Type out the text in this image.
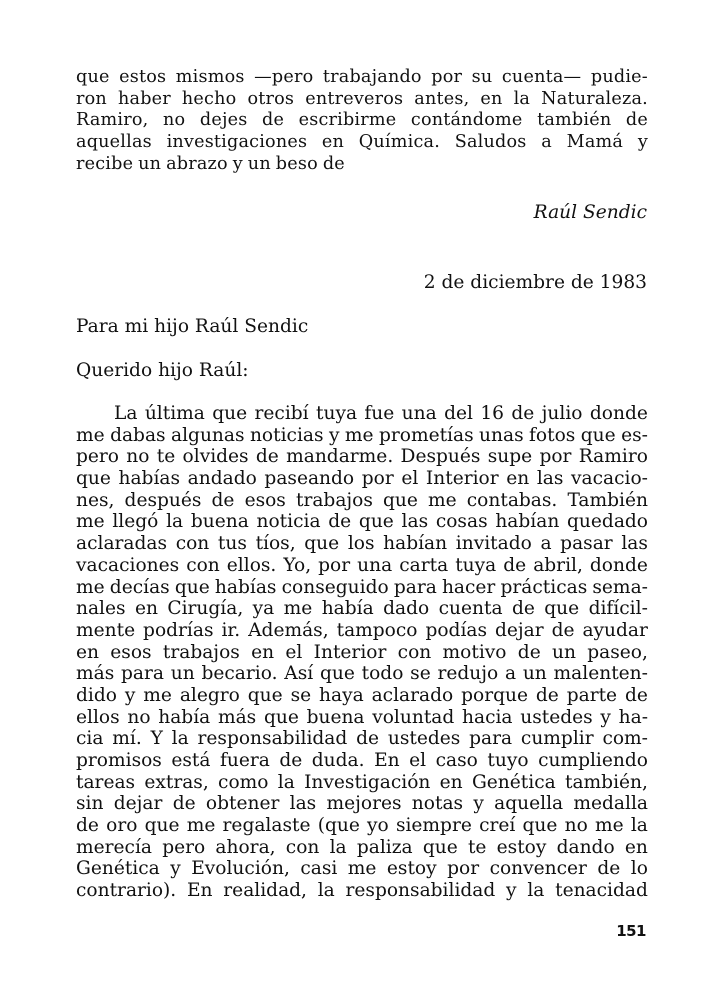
que estos mismos —pero trabajando por su cuenta— pudie-
ron haber hecho otros entreveros antes, en la Naturaleza.
Ramiro, no dejes de escribirme contándome también de
aquellas investigaciones en Química. Saludos a Mamá y
recibe un abrazo y un beso de
Raúl Sendic
2 de diciembre de 1983
Para mi hijo Raúl Sendic
Querido hijo Raúl:
La última que recibí tuya fue una del 16 de julio donde
me dabas algunas noticias y me prometías unas fotos que es-
pero no te olvides de mandarme. Después supe por Ramiro
que habías andado paseando por el Interior en las vacacio-
nes, después de esos trabajos que me contabas. También
me llegó la buena noticia de que las cosas habían quedado
aclaradas con tus tíos, que los habían invitado a pasar las
vacaciones con ellos. Yo, por una carta tuya de abril, donde
me decías que habías conseguido para hacer prácticas sema-
nales en Cirugía, ya me había dado cuenta de que difícil-
mente podrías ir. Además, tampoco podías dejar de ayudar
en esos trabajos en el Interior con motivo de un paseo,
más para un becario. Así que todo se redujo a un malenten-
dido y me alegro que se haya aclarado porque de parte de
ellos no había más que buena voluntad hacia ustedes y ha-
cia mí. Y la responsabilidad de ustedes para cumplir com-
promisos está fuera de duda. En el caso tuyo cumpliendo
tareas extras, como la Investigación en Genética también,
sin dejar de obtener las mejores notas y aquella medalla
de oro que me regalaste (que yo siempre creí que no me la
merecía pero ahora, con la paliza que te estoy dando en
Genética y Evolución, casi me estoy por convencer de lo
contrario). En realidad, la responsabilidad y la tenacidad
151
